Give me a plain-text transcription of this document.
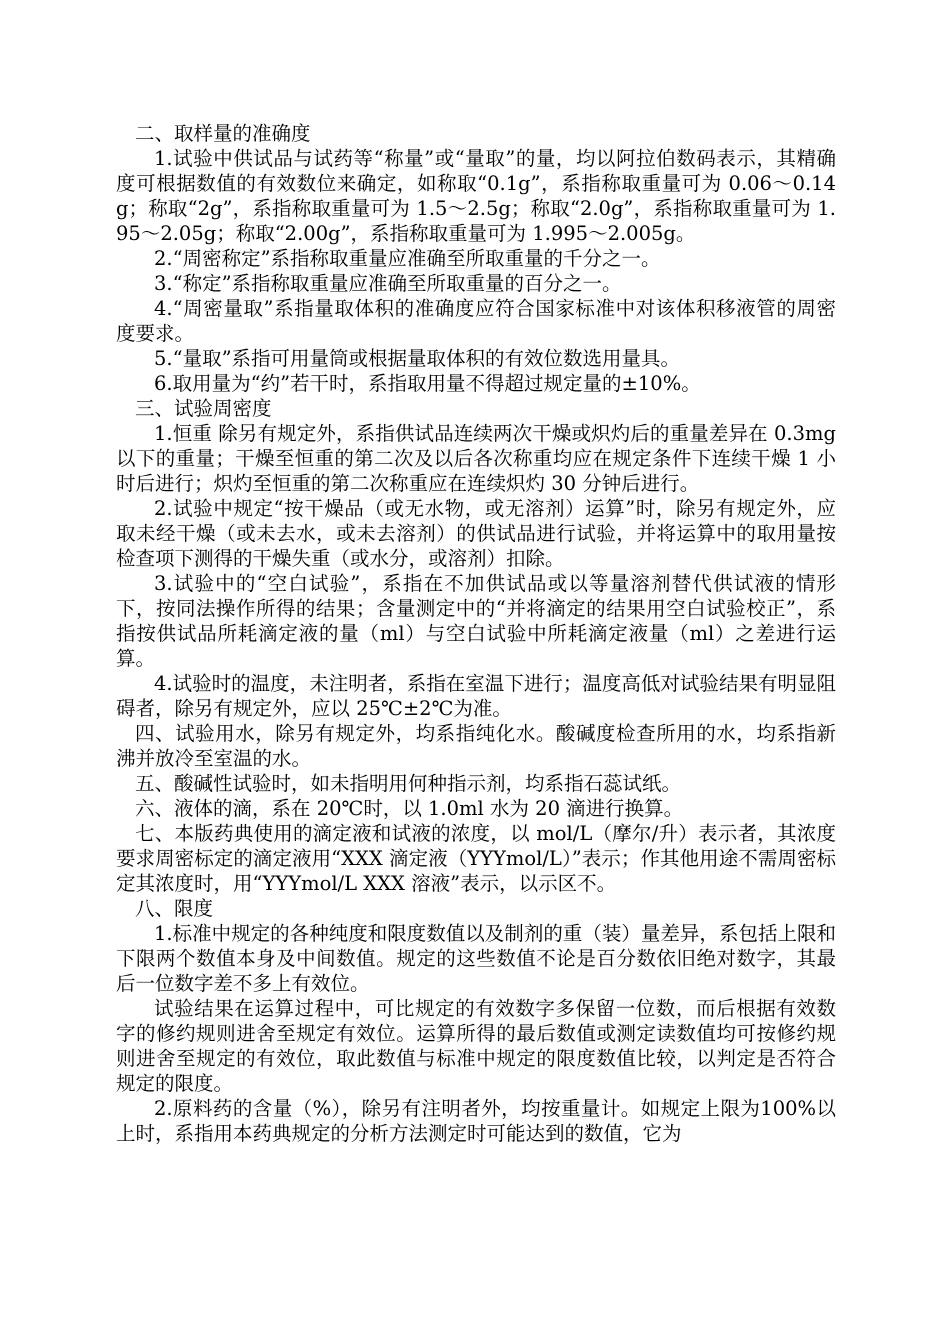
二、取样量的准确度

1.试验中供试品与试药等“称量”或“量取”的量，均以阿拉伯数码表示，其精确度可根据数值的有效数位来确定，如称取“0.1g”，系指称取重量可为 0.06～0.14g；称取“2g”，系指称取重量可为 1.5～2.5g；称取“2.0g”，系指称取重量可为 1.95～2.05g；称取“2.00g”，系指称取重量可为 1.995～2.005g。

2.“周密称定”系指称取重量应准确至所取重量的千分之一。

3.“称定”系指称取重量应准确至所取重量的百分之一。

4.“周密量取”系指量取体积的准确度应符合国家标准中对该体积移液管的周密度要求。

5.“量取”系指可用量筒或根据量取体积的有效位数选用量具。

6.取用量为“约”若干时，系指取用量不得超过规定量的±10%。

三、试验周密度

1.恒重 除另有规定外，系指供试品连续两次干燥或炽灼后的重量差异在 0.3mg 以下的重量；干燥至恒重的第二次及以后各次称重均应在规定条件下连续干燥 1 小时后进行；炽灼至恒重的第二次称重应在连续炽灼 30 分钟后进行。

2.试验中规定“按干燥品（或无水物，或无溶剂）运算”时，除另有规定外，应取未经干燥（或未去水，或未去溶剂）的供试品进行试验，并将运算中的取用量按检查项下测得的干燥失重（或水分，或溶剂）扣除。

3.试验中的“空白试验”，系指在不加供试品或以等量溶剂替代供试液的情形下，按同法操作所得的结果；含量测定中的“并将滴定的结果用空白试验校正”，系指按供试品所耗滴定液的量（ml）与空白试验中所耗滴定液量（ml）之差进行运算。

4.试验时的温度，未注明者，系指在室温下进行；温度高低对试验结果有明显阻碍者，除另有规定外，应以 25℃±2℃为准。

四、试验用水，除另有规定外，均系指纯化水。酸碱度检查所用的水，均系指新沸并放冷至室温的水。

五、酸碱性试验时，如未指明用何种指示剂，均系指石蕊试纸。

六、液体的滴，系在 20℃时，以 1.0ml 水为 20 滴进行换算。

七、本版药典使用的滴定液和试液的浓度，以 mol/L（摩尔/升）表示者，其浓度要求周密标定的滴定液用“XXX 滴定液（YYYmol/L）”表示；作其他用途不需周密标定其浓度时，用“YYYmol/L XXX 溶液”表示，以示区不。

八、限度

1.标准中规定的各种纯度和限度数值以及制剂的重（装）量差异，系包括上限和下限两个数值本身及中间数值。规定的这些数值不论是百分数依旧绝对数字，其最后一位数字差不多上有效位。

试验结果在运算过程中，可比规定的有效数字多保留一位数，而后根据有效数字的修约规则进舍至规定有效位。运算所得的最后数值或测定读数值均可按修约规则进舍至规定的有效位，取此数值与标准中规定的限度数值比较，以判定是否符合规定的限度。

2.原料药的含量（%），除另有注明者外，均按重量计。如规定上限为100%以上时，系指用本药典规定的分析方法测定时可能达到的数值，它为
